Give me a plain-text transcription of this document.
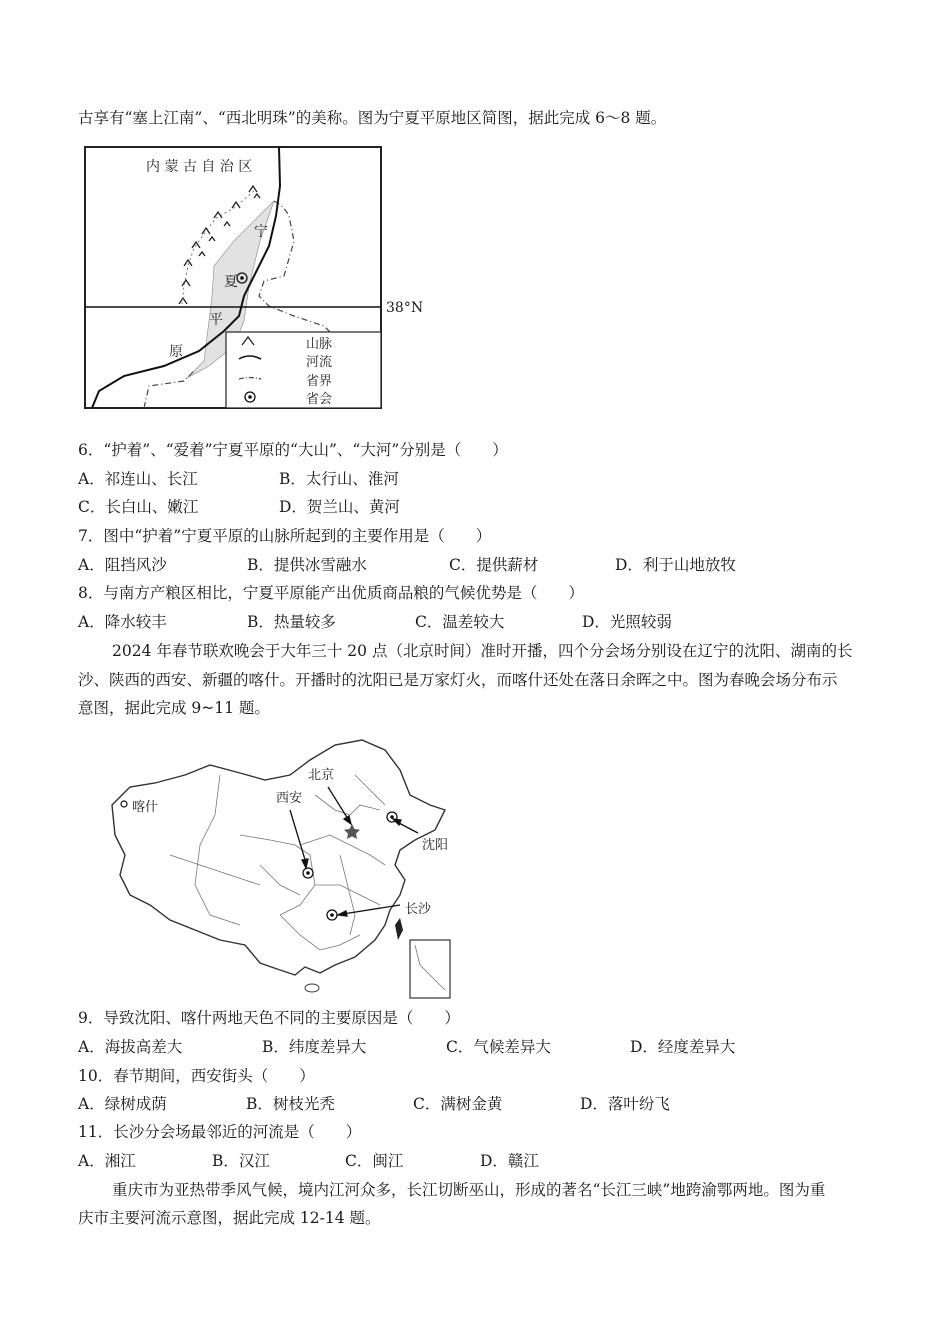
古享有“塞上江南”、“西北明珠”的美称。图为宁夏平原地区简图，据此完成 6～8 题。
内 蒙 古 自 治 区
宁
夏
平
原	山脉
河流
省界
省会
38°N
6．“护着”、“爱着”宁夏平原的“大山”、“大河”分别是（　　）
A．祁连山、长江	B．太行山、淮河
C．长白山、嫩江	D．贺兰山、黄河
7．图中“护着”宁夏平原的山脉所起到的主要作用是（　　）
A．阻挡风沙	B．提供冰雪融水	C．提供薪材	D．利于山地放牧
8．与南方产粮区相比，宁夏平原能产出优质商品粮的气候优势是（　　）
A．降水较丰	B．热量较多	C．温差较大	D．光照较弱
2024 年春节联欢晚会于大年三十 20 点（北京时间）准时开播，四个分会场分别设在辽宁的沈阳、湖南的长
沙、陕西的西安、新疆的喀什。开播时的沈阳已是万家灯火，而喀什还处在落日余晖之中。图为春晚会场分布示
意图，据此完成 9~11 题。
喀什
西安
北京
沈阳
长沙
9．导致沈阳、喀什两地天色不同的主要原因是（　　）
A．海拔高差大	B．纬度差异大	C．气候差异大	D．经度差异大
10．春节期间，西安街头（　　）
A．绿树成荫	B．树枝光秃	C．满树金黄	D．落叶纷飞
11．长沙分会场最邻近的河流是（　　）
A．湘江	B．汉江	C．闽江	D．赣江
重庆市为亚热带季风气候，境内江河众多，长江切断巫山，形成的著名“长江三峡”地跨渝鄂两地。图为重
庆市主要河流示意图，据此完成 12-14 题。
